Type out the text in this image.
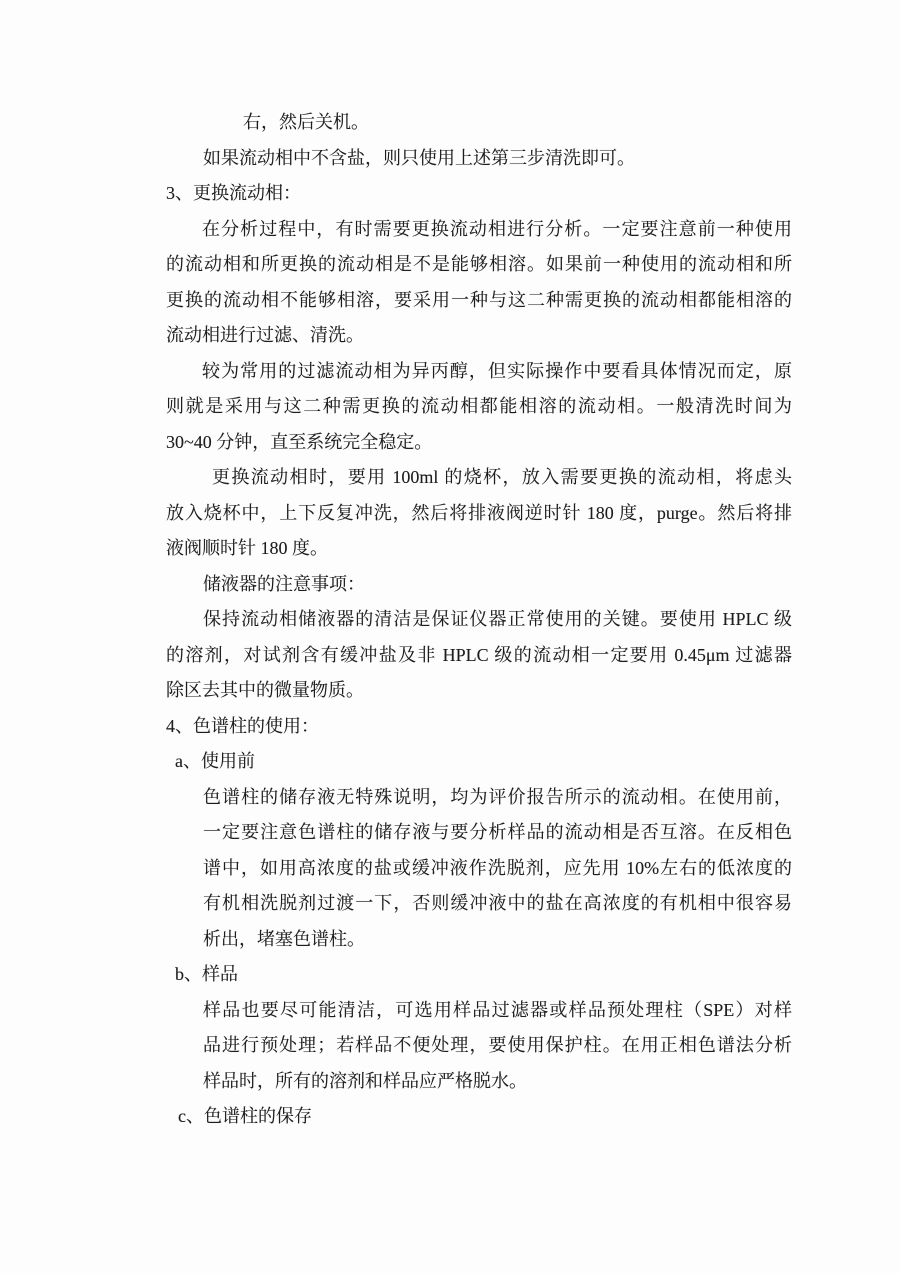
右，然后关机。
如果流动相中不含盐，则只使用上述第三步清洗即可。
3、更换流动相：
在分析过程中，有时需要更换流动相进行分析。一定要注意前一种使用
的流动相和所更换的流动相是不是能够相溶。如果前一种使用的流动相和所
更换的流动相不能够相溶，要采用一种与这二种需更换的流动相都能相溶的
流动相进行过滤、清洗。
较为常用的过滤流动相为异丙醇，但实际操作中要看具体情况而定，原
则就是采用与这二种需更换的流动相都能相溶的流动相。一般清洗时间为
30~40 分钟，直至系统完全稳定。
更换流动相时，要用 100ml 的烧杯，放入需要更换的流动相，将虑头
放入烧杯中，上下反复冲洗，然后将排液阀逆时针 180 度，purge。然后将排
液阀顺时针 180 度。
储液器的注意事项：
保持流动相储液器的清洁是保证仪器正常使用的关键。要使用 HPLC 级
的溶剂，对试剂含有缓冲盐及非 HPLC 级的流动相一定要用 0.45μm 过滤器
除区去其中的微量物质。
4、色谱柱的使用：
a、使用前
色谱柱的储存液无特殊说明，均为评价报告所示的流动相。在使用前，
一定要注意色谱柱的储存液与要分析样品的流动相是否互溶。在反相色
谱中，如用高浓度的盐或缓冲液作洗脱剂，应先用 10%左右的低浓度的
有机相洗脱剂过渡一下，否则缓冲液中的盐在高浓度的有机相中很容易
析出，堵塞色谱柱。
b、样品
样品也要尽可能清洁，可选用样品过滤器或样品预处理柱（SPE）对样
品进行预处理；若样品不便处理，要使用保护柱。在用正相色谱法分析
样品时，所有的溶剂和样品应严格脱水。
c、色谱柱的保存
